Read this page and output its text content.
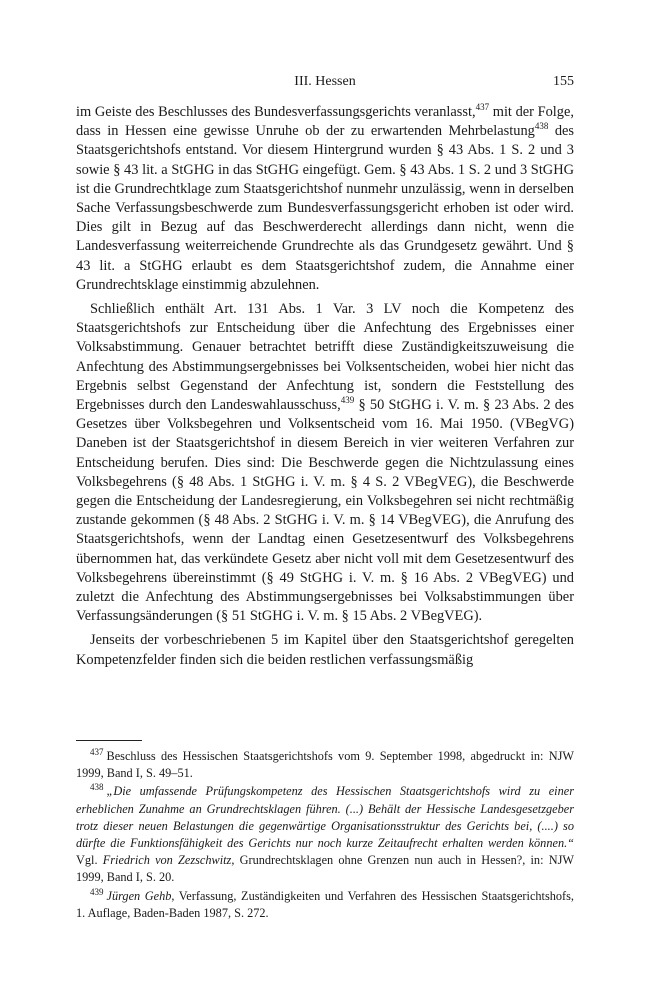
III. Hessen	155

im Geiste des Beschlusses des Bundesverfassungsgerichts veranlasst,$^{437}$ mit der Folge, dass in Hessen eine gewisse Unruhe ob der zu erwartenden Mehrbelastung$^{438}$ des Staatsgerichtshofs entstand. Vor diesem Hintergrund wurden § 43 Abs. 1 S. 2 und 3 sowie § 43 lit. a StGHG in das StGHG eingefügt. Gem. § 43 Abs. 1 S. 2 und 3 StGHG ist die Grundrechtklage zum Staatsgerichtshof nunmehr unzulässig, wenn in derselben Sache Verfassungsbeschwerde zum Bundesverfassungsgericht erhoben ist oder wird. Dies gilt in Bezug auf das Beschwerderecht allerdings dann nicht, wenn die Landesverfassung weiterreichende Grundrechte als das Grundgesetz gewährt. Und § 43 lit. a StGHG erlaubt es dem Staatsgerichtshof zudem, die Annahme einer Grundrechtsklage einstimmig abzulehnen.

Schließlich enthält Art. 131 Abs. 1 Var. 3 LV noch die Kompetenz des Staatsgerichtshofs zur Entscheidung über die Anfechtung des Ergebnisses einer Volksabstimmung. Genauer betrachtet betrifft diese Zuständigkeitszuweisung die Anfechtung des Abstimmungsergebnisses bei Volksentscheiden, wobei hier nicht das Ergebnis selbst Gegenstand der Anfechtung ist, sondern die Feststellung des Ergebnisses durch den Landeswahlausschuss,$^{439}$ § 50 StGHG i. V. m. § 23 Abs. 2 des Gesetzes über Volksbegehren und Volksentscheid vom 16. Mai 1950. (VBegVG) Daneben ist der Staatsgerichtshof in diesem Bereich in vier weiteren Verfahren zur Entscheidung berufen. Dies sind: Die Beschwerde gegen die Nichtzulassung eines Volksbegehrens (§ 48 Abs. 1 StGHG i. V. m. § 4 S. 2 VBegVEG), die Beschwerde gegen die Entscheidung der Landesregierung, ein Volksbegehren sei nicht rechtmäßig zustande gekommen (§ 48 Abs. 2 StGHG i. V. m. § 14 VBegVEG), die Anrufung des Staatsgerichtshofs, wenn der Landtag einen Gesetzesentwurf des Volksbegehrens übernommen hat, das verkündete Gesetz aber nicht voll mit dem Gesetzesentwurf des Volksbegehrens übereinstimmt (§ 49 StGHG i. V. m. § 16 Abs. 2 VBegVEG) und zuletzt die Anfechtung des Abstimmungsergebnisses bei Volksabstimmungen über Verfassungsänderungen (§ 51 StGHG i. V. m. § 15 Abs. 2 VBegVEG).

Jenseits der vorbeschriebenen 5 im Kapitel über den Staatsgerichtshof geregelten Kompetenzfelder finden sich die beiden restlichen verfassungsmäßig

$^{437}$ Beschluss des Hessischen Staatsgerichtshofs vom 9. September 1998, abgedruckt in: NJW 1999, Band I, S. 49–51.

$^{438}$ „Die umfassende Prüfungskompetenz des Hessischen Staatsgerichtshofs wird zu einer erheblichen Zunahme an Grundrechtsklagen führen. (...) Behält der Hessische Landesgesetzgeber trotz dieser neuen Belastungen die gegenwärtige Organisationsstruktur des Gerichts bei, (....) so dürfte die Funktionsfähigkeit des Gerichts nur noch kurze Zeitaufrecht erhalten werden können.“ Vgl. Friedrich von Zezschwitz, Grundrechtsklagen ohne Grenzen nun auch in Hessen?, in: NJW 1999, Band I, S. 20.

$^{439}$ Jürgen Gehb, Verfassung, Zuständigkeiten und Verfahren des Hessischen Staatsgerichtshofs, 1. Auflage, Baden-Baden 1987, S. 272.
